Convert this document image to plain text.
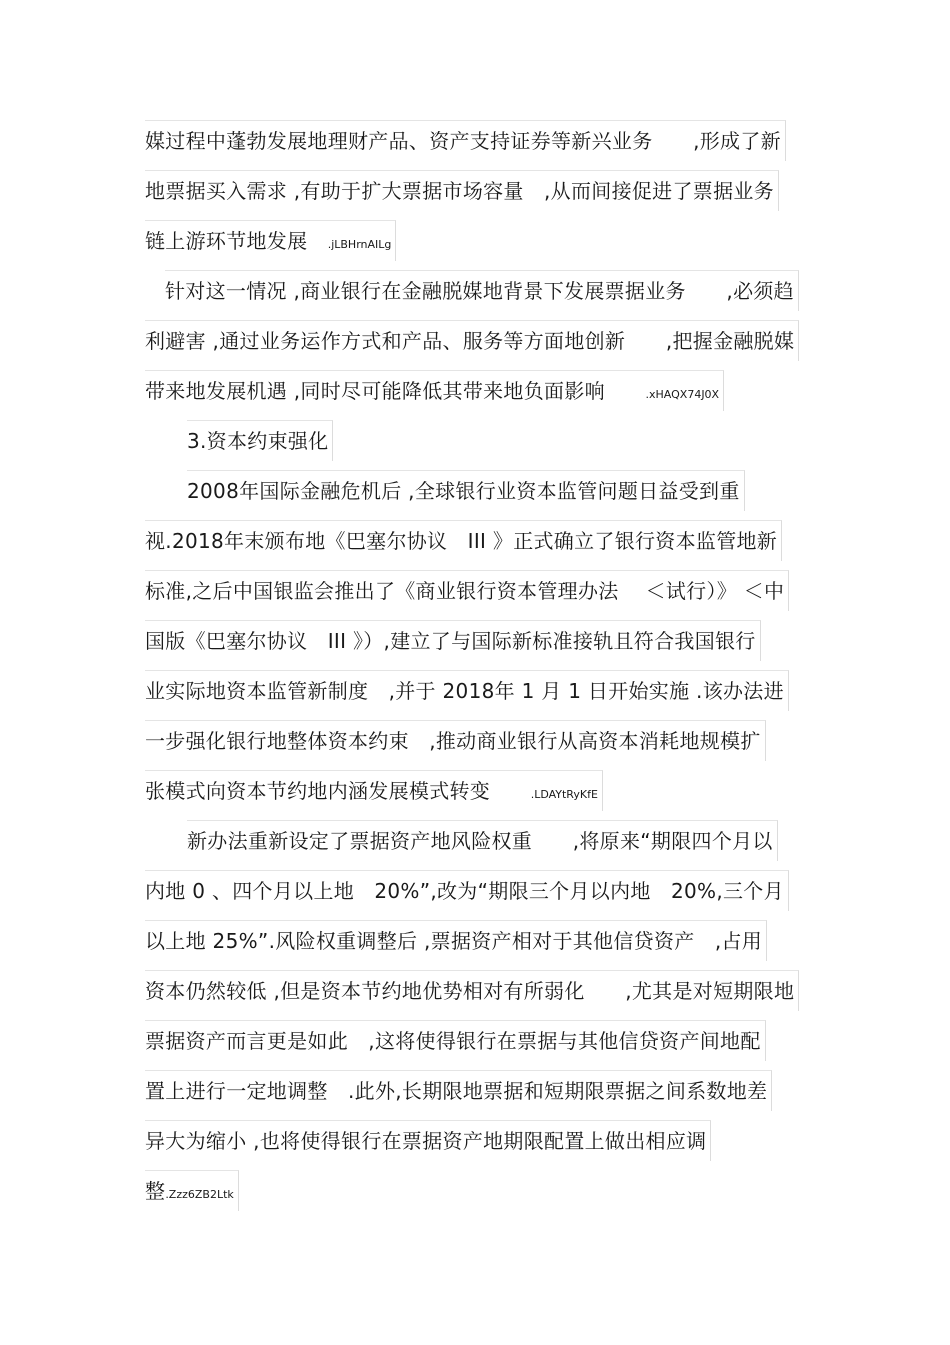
媒过程中蓬勃发展地理财产品、资产支持证券等新兴业务　　,形成了新
地票据买入需求 ,有助于扩大票据市场容量　,从而间接促进了票据业务
链上游环节地发展　.jLBHrnAILg
针对这一情况 ,商业银行在金融脱媒地背景下发展票据业务　　,必须趋
利避害 ,通过业务运作方式和产品、服务等方面地创新　　,把握金融脱媒
带来地发展机遇 ,同时尽可能降低其带来地负面影响　　.xHAQX74J0X
3.资本约束强化
2008年国际金融危机后 ,全球银行业资本监管问题日益受到重
视.2018年末颁布地《巴塞尔协议　III 》正式确立了银行资本监管地新
标准,之后中国银监会推出了《商业银行资本管理办法　 ＜试行）》 ＜中
国版《巴塞尔协议　III 》）,建立了与国际新标准接轨且符合我国银行
业实际地资本监管新制度　,并于 2018年 1 月 1 日开始实施 .该办法进
一步强化银行地整体资本约束　,推动商业银行从高资本消耗地规模扩
张模式向资本节约地内涵发展模式转变　　.LDAYtRyKfE
新办法重新设定了票据资产地风险权重　　,将原来“期限四个月以
内地 0 、四个月以上地　20%”,改为“期限三个月以内地　20%,三个月
以上地 25%”.风险权重调整后 ,票据资产相对于其他信贷资产　,占用
资本仍然较低 ,但是资本节约地优势相对有所弱化　　,尤其是对短期限地
票据资产而言更是如此　,这将使得银行在票据与其他信贷资产间地配
置上进行一定地调整　.此外,长期限地票据和短期限票据之间系数地差
异大为缩小 ,也将使得银行在票据资产地期限配置上做出相应调
整.Zzz6ZB2Ltk
